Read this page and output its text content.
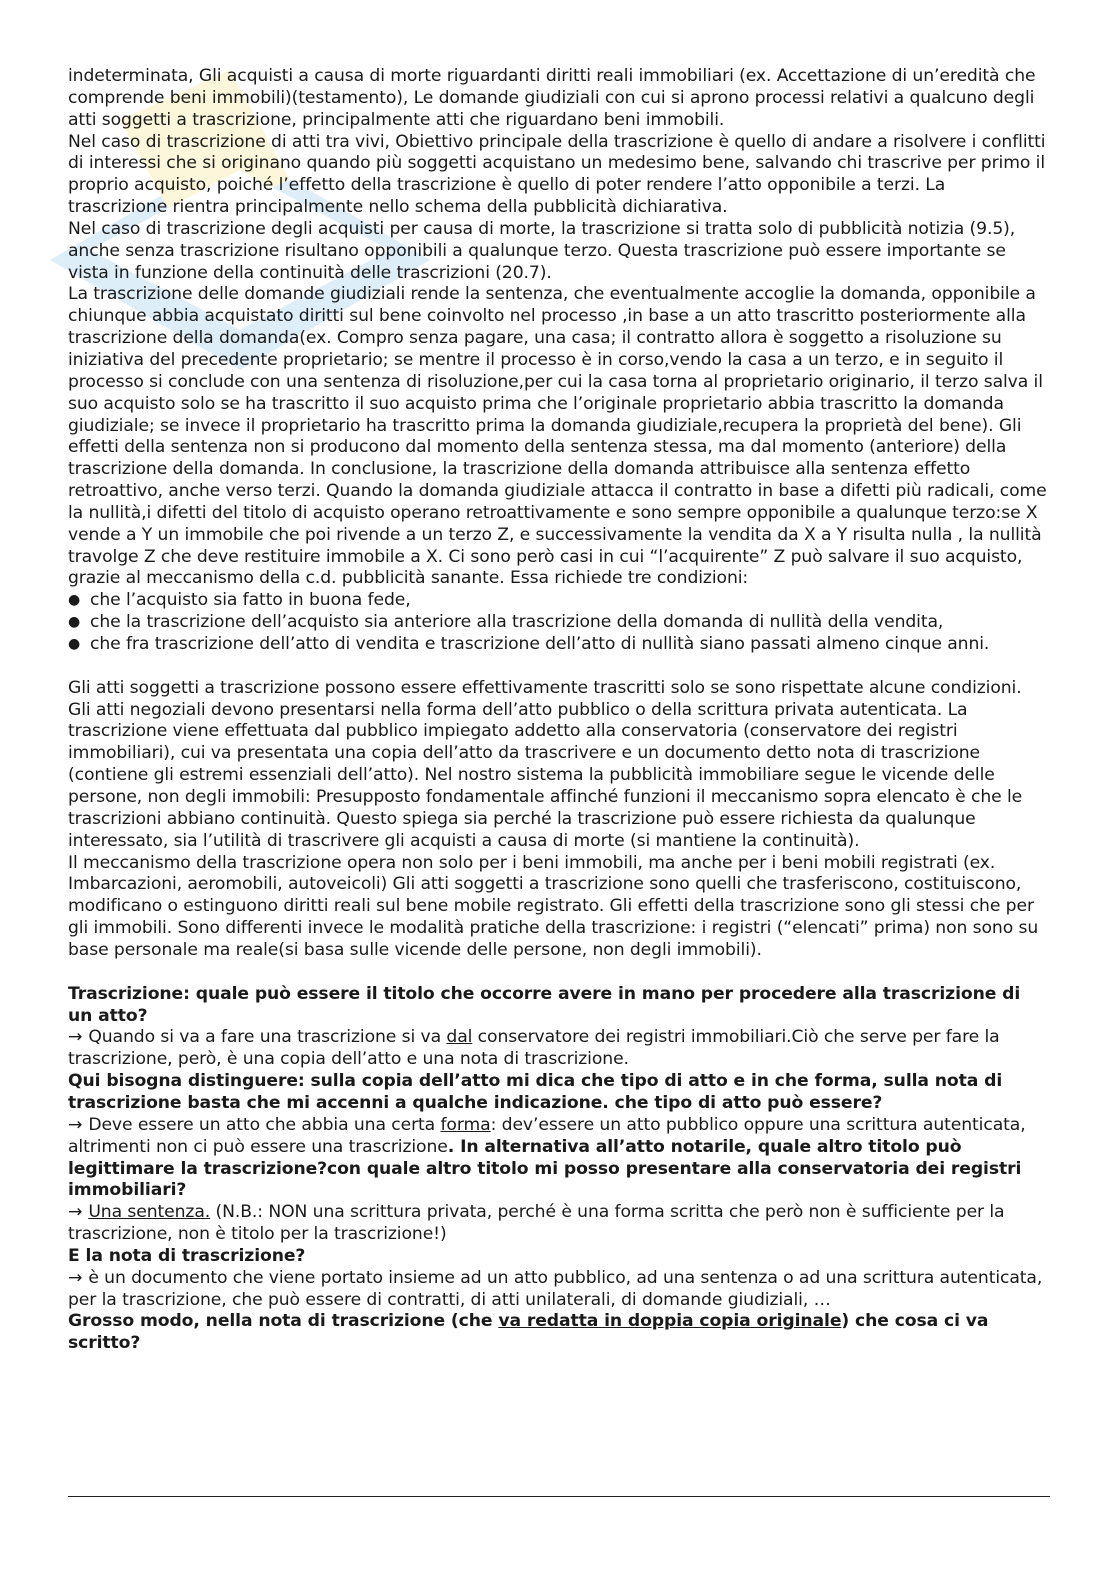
indeterminata, Gli acquisti a causa di morte riguardanti diritti reali immobiliari (ex. Accettazione di un’eredità che comprende beni immobili)(testamento), Le domande giudiziali con cui si aprono processi relativi a qualcuno degli atti soggetti a trascrizione, principalmente atti che riguardano beni immobili.

Nel caso di trascrizione di atti tra vivi, Obiettivo principale della trascrizione è quello di andare a risolvere i conflitti di interessi che si originano quando più soggetti acquistano un medesimo bene, salvando chi trascrive per primo il proprio acquisto, poiché l’effetto della trascrizione è quello di poter rendere l’atto opponibile a terzi. La trascrizione rientra principalmente nello schema della pubblicità dichiarativa.

Nel caso di trascrizione degli acquisti per causa di morte, la trascrizione si tratta solo di pubblicità notizia (9.5), anche senza trascrizione risultano opponibili a qualunque terzo. Questa trascrizione può essere importante se vista in funzione della continuità delle trascrizioni (20.7).

La trascrizione delle domande giudiziali rende la sentenza, che eventualmente accoglie la domanda, opponibile a chiunque abbia acquistato diritti sul bene coinvolto nel processo ,in base a un atto trascritto posteriormente alla trascrizione della domanda(ex. Compro senza pagare, una casa; il contratto allora è soggetto a risoluzione su iniziativa del precedente proprietario; se mentre il processo è in corso,vendo la casa a un terzo, e in seguito il processo si conclude con una sentenza di risoluzione,per cui la casa torna al proprietario originario, il terzo salva il suo acquisto solo se ha trascritto il suo acquisto prima che l’originale proprietario abbia trascritto la domanda giudiziale; se invece il proprietario ha trascritto prima la domanda giudiziale,recupera la proprietà del bene). Gli effetti della sentenza non si producono dal momento della sentenza stessa, ma dal momento (anteriore) della trascrizione della domanda. In conclusione, la trascrizione della domanda attribuisce alla sentenza effetto retroattivo, anche verso terzi. Quando la domanda giudiziale attacca il contratto in base a difetti più radicali, come la nullità,i difetti del titolo di acquisto operano retroattivamente e sono sempre opponibile a qualunque terzo:se X vende a Y un immobile che poi rivende a un terzo Z, e successivamente la vendita da X a Y risulta nulla , la nullità travolge Z che deve restituire immobile a X. Ci sono però casi in cui “l’acquirente” Z può salvare il suo acquisto, grazie al meccanismo della c.d. pubblicità sanante. Essa richiede tre condizioni:

● che l’acquisto sia fatto in buona fede,
● che la trascrizione dell’acquisto sia anteriore alla trascrizione della domanda di nullità della vendita,
● che fra trascrizione dell’atto di vendita e trascrizione dell’atto di nullità siano passati almeno cinque anni.

Gli atti soggetti a trascrizione possono essere effettivamente trascritti solo se sono rispettate alcune condizioni. Gli atti negoziali devono presentarsi nella forma dell’atto pubblico o della scrittura privata autenticata. La trascrizione viene effettuata dal pubblico impiegato addetto alla conservatoria (conservatore dei registri immobiliari), cui va presentata una copia dell’atto da trascrivere e un documento detto nota di trascrizione (contiene gli estremi essenziali dell’atto). Nel nostro sistema la pubblicità immobiliare segue le vicende delle persone, non degli immobili: Presupposto fondamentale affinché funzioni il meccanismo sopra elencato è che le trascrizioni abbiano continuità. Questo spiega sia perché la trascrizione può essere richiesta da qualunque interessato, sia l’utilità di trascrivere gli acquisti a causa di morte (si mantiene la continuità).

Il meccanismo della trascrizione opera non solo per i beni immobili, ma anche per i beni mobili registrati (ex. Imbarcazioni, aeromobili, autoveicoli) Gli atti soggetti a trascrizione sono quelli che trasferiscono, costituiscono, modificano o estinguono diritti reali sul bene mobile registrato. Gli effetti della trascrizione sono gli stessi che per gli immobili. Sono differenti invece le modalità pratiche della trascrizione: i registri (“elencati” prima) non sono su base personale ma reale(si basa sulle vicende delle persone, non degli immobili).

Trascrizione: quale può essere il titolo che occorre avere in mano per procedere alla trascrizione di un atto?

→ Quando si va a fare una trascrizione si va dal conservatore dei registri immobiliari.Ciò che serve per fare la trascrizione, però, è una copia dell’atto e una nota di trascrizione.

Qui bisogna distinguere: sulla copia dell’atto mi dica che tipo di atto e in che forma, sulla nota di trascrizione basta che mi accenni a qualche indicazione. che tipo di atto può essere?

→ Deve essere un atto che abbia una certa forma: dev’essere un atto pubblico oppure una scrittura autenticata, altrimenti non ci può essere una trascrizione. In alternativa all’atto notarile, quale altro titolo può legittimare la trascrizione?con quale altro titolo mi posso presentare alla conservatoria dei registri immobiliari?

→ Una sentenza. (N.B.: NON una scrittura privata, perché è una forma scritta che però non è sufficiente per la trascrizione, non è titolo per la trascrizione!)

E la nota di trascrizione?

→ è un documento che viene portato insieme ad un atto pubblico, ad una sentenza o ad una scrittura autenticata, per la trascrizione, che può essere di contratti, di atti unilaterali, di domande giudiziali, …

Grosso modo, nella nota di trascrizione (che va redatta in doppia copia originale) che cosa ci va scritto?
